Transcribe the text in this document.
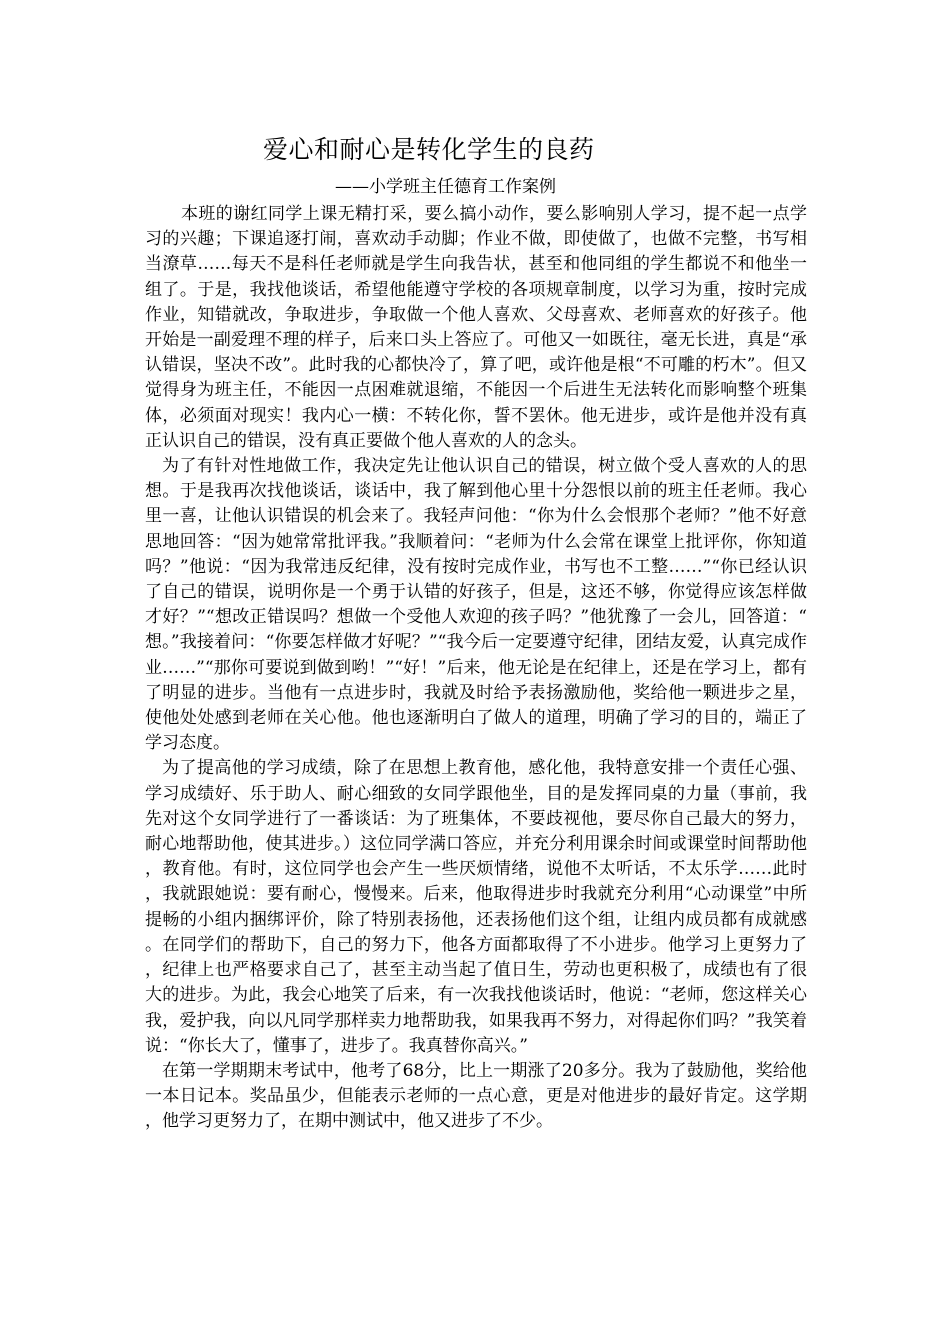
爱心和耐心是转化学生的良药
——小学班主任德育工作案例

本班的谢红同学上课无精打采，要么搞小动作，要么影响别人学习，提不起一点学习的兴趣；下课追逐打闹，喜欢动手动脚；作业不做，即使做了，也做不完整，书写相当潦草……每天不是科任老师就是学生向我告状，甚至和他同组的学生都说不和他坐一组了。于是，我找他谈话，希望他能遵守学校的各项规章制度，以学习为重，按时完成作业，知错就改，争取进步，争取做一个他人喜欢、父母喜欢、老师喜欢的好孩子。他开始是一副爱理不理的样子，后来口头上答应了。可他又一如既往，毫无长进，真是“承认错误，坚决不改”。此时我的心都快冷了，算了吧，或许他是根“不可雕的朽木”。但又觉得身为班主任，不能因一点困难就退缩，不能因一个后进生无法转化而影响整个班集体，必须面对现实！我内心一横：不转化你，誓不罢休。他无进步，或许是他并没有真正认识自己的错误，没有真正要做个他人喜欢的人的念头。

为了有针对性地做工作，我决定先让他认识自己的错误，树立做个受人喜欢的人的思想。于是我再次找他谈话，谈话中，我了解到他心里十分怨恨以前的班主任老师。我心里一喜，让他认识错误的机会来了。我轻声问他：“你为什么会恨那个老师？”他不好意思地回答：“因为她常常批评我。”我顺着问：“老师为什么会常在课堂上批评你，你知道吗？”他说：“因为我常违反纪律，没有按时完成作业，书写也不工整……”“你已经认识了自己的错误，说明你是一个勇于认错的好孩子，但是，这还不够，你觉得应该怎样做才好？”“想改正错误吗？想做一个受他人欢迎的孩子吗？”他犹豫了一会儿，回答道：“想。”我接着问：“你要怎样做才好呢？”“我今后一定要遵守纪律，团结友爱，认真完成作业……”“那你可要说到做到哟！”“好！”后来，他无论是在纪律上，还是在学习上，都有了明显的进步。当他有一点进步时，我就及时给予表扬激励他，奖给他一颗进步之星，使他处处感到老师在关心他。他也逐渐明白了做人的道理，明确了学习的目的，端正了学习态度。

为了提高他的学习成绩，除了在思想上教育他，感化他，我特意安排一个责任心强、学习成绩好、乐于助人、耐心细致的女同学跟他坐，目的是发挥同桌的力量（事前，我先对这个女同学进行了一番谈话：为了班集体，不要歧视他，要尽你自己最大的努力，耐心地帮助他，使其进步。）这位同学满口答应，并充分利用课余时间或课堂时间帮助他，教育他。有时，这位同学也会产生一些厌烦情绪，说他不太听话，不太乐学……此时，我就跟她说：要有耐心，慢慢来。后来，他取得进步时我就充分利用“心动课堂”中所提畅的小组内捆绑评价，除了特别表扬他，还表扬他们这个组，让组内成员都有成就感。在同学们的帮助下，自己的努力下，他各方面都取得了不小进步。他学习上更努力了，纪律上也严格要求自己了，甚至主动当起了值日生，劳动也更积极了，成绩也有了很大的进步。为此，我会心地笑了后来，有一次我找他谈话时，他说：“老师，您这样关心我，爱护我，向以凡同学那样卖力地帮助我，如果我再不努力，对得起你们吗？”我笑着说：“你长大了，懂事了，进步了。我真替你高兴。”

在第一学期期末考试中，他考了68分，比上一期涨了20多分。我为了鼓励他，奖给他一本日记本。奖品虽少，但能表示老师的一点心意，更是对他进步的最好肯定。这学期，他学习更努力了，在期中测试中，他又进步了不少。
